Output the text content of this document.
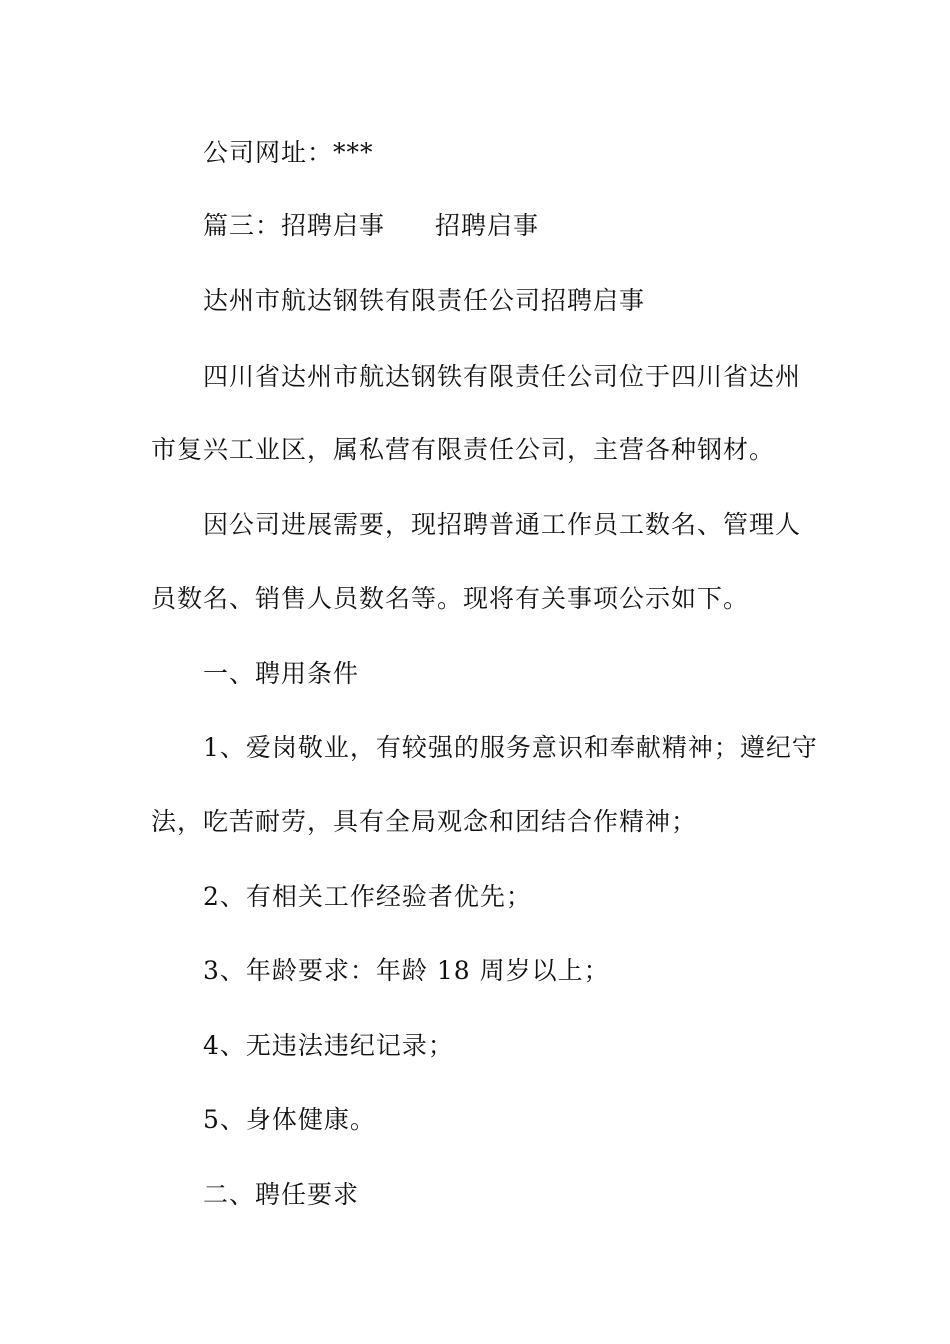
公司网址：***
篇三：招聘启事 招聘启事
达州市航达钢铁有限责任公司招聘启事
四川省达州市航达钢铁有限责任公司位于四川省达州
市复兴工业区，属私营有限责任公司，主营各种钢材。
因公司进展需要，现招聘普通工作员工数名、管理人
员数名、销售人员数名等。现将有关事项公示如下。
一、聘用条件
1、爱岗敬业，有较强的服务意识和奉献精神；遵纪守
法，吃苦耐劳，具有全局观念和团结合作精神；
2、有相关工作经验者优先；
3、年龄要求：年龄 18 周岁以上；
4、无违法违纪记录；
5、身体健康。
二、聘任要求
